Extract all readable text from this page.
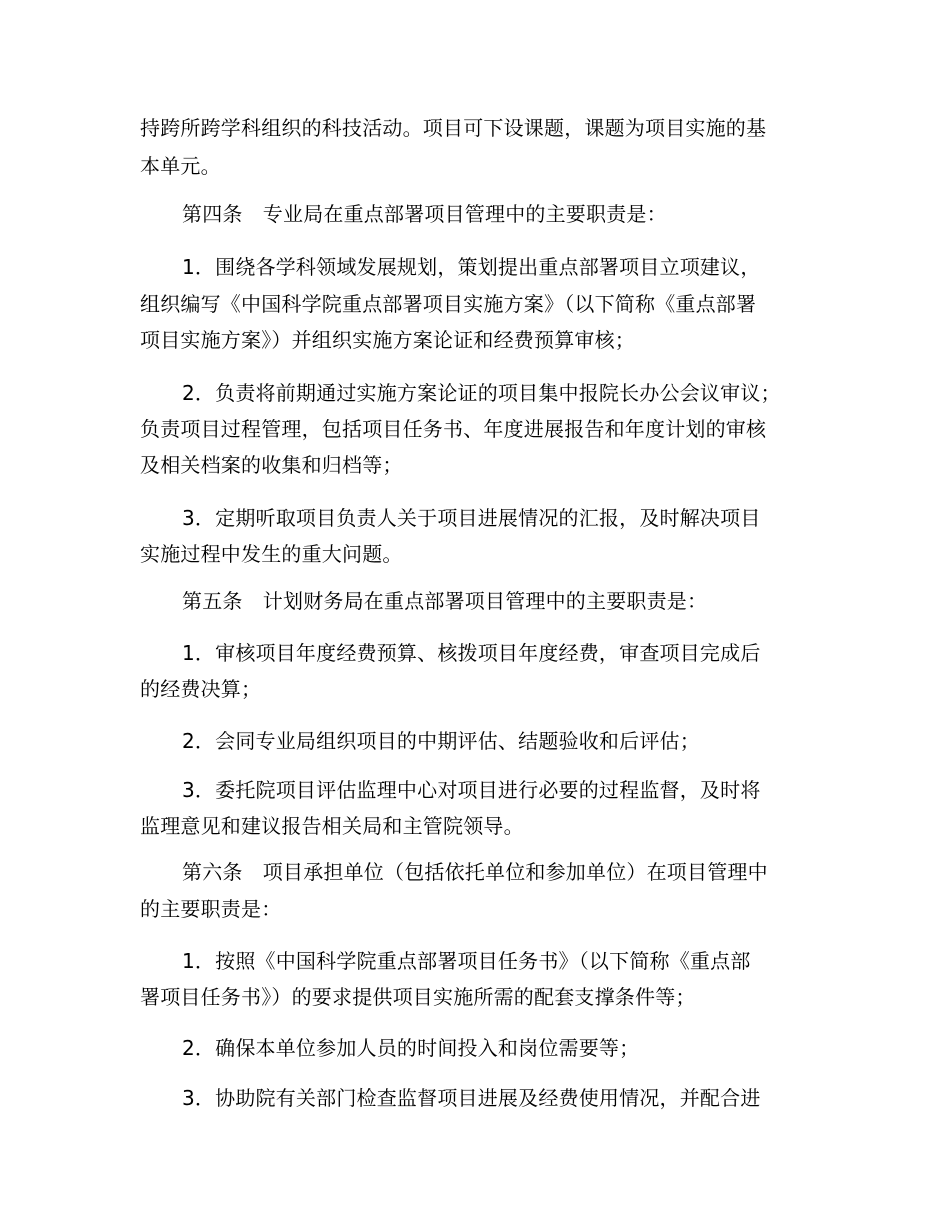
持跨所跨学科组织的科技活动。项目可下设课题，课题为项目实施的基

本单元。

第四条　专业局在重点部署项目管理中的主要职责是：

1．围绕各学科领域发展规划，策划提出重点部署项目立项建议，

组织编写《中国科学院重点部署项目实施方案》（以下简称《重点部署

项目实施方案》）并组织实施方案论证和经费预算审核；

2．负责将前期通过实施方案论证的项目集中报院长办公会议审议；

负责项目过程管理，包括项目任务书、年度进展报告和年度计划的审核

及相关档案的收集和归档等；

3．定期听取项目负责人关于项目进展情况的汇报，及时解决项目

实施过程中发生的重大问题。

第五条　计划财务局在重点部署项目管理中的主要职责是：

1．审核项目年度经费预算、核拨项目年度经费，审查项目完成后

的经费决算；

2．会同专业局组织项目的中期评估、结题验收和后评估；

3．委托院项目评估监理中心对项目进行必要的过程监督，及时将

监理意见和建议报告相关局和主管院领导。

第六条　项目承担单位（包括依托单位和参加单位）在项目管理中

的主要职责是：

1．按照《中国科学院重点部署项目任务书》（以下简称《重点部

署项目任务书》）的要求提供项目实施所需的配套支撑条件等；

2．确保本单位参加人员的时间投入和岗位需要等；

3．协助院有关部门检查监督项目进展及经费使用情况，并配合进
